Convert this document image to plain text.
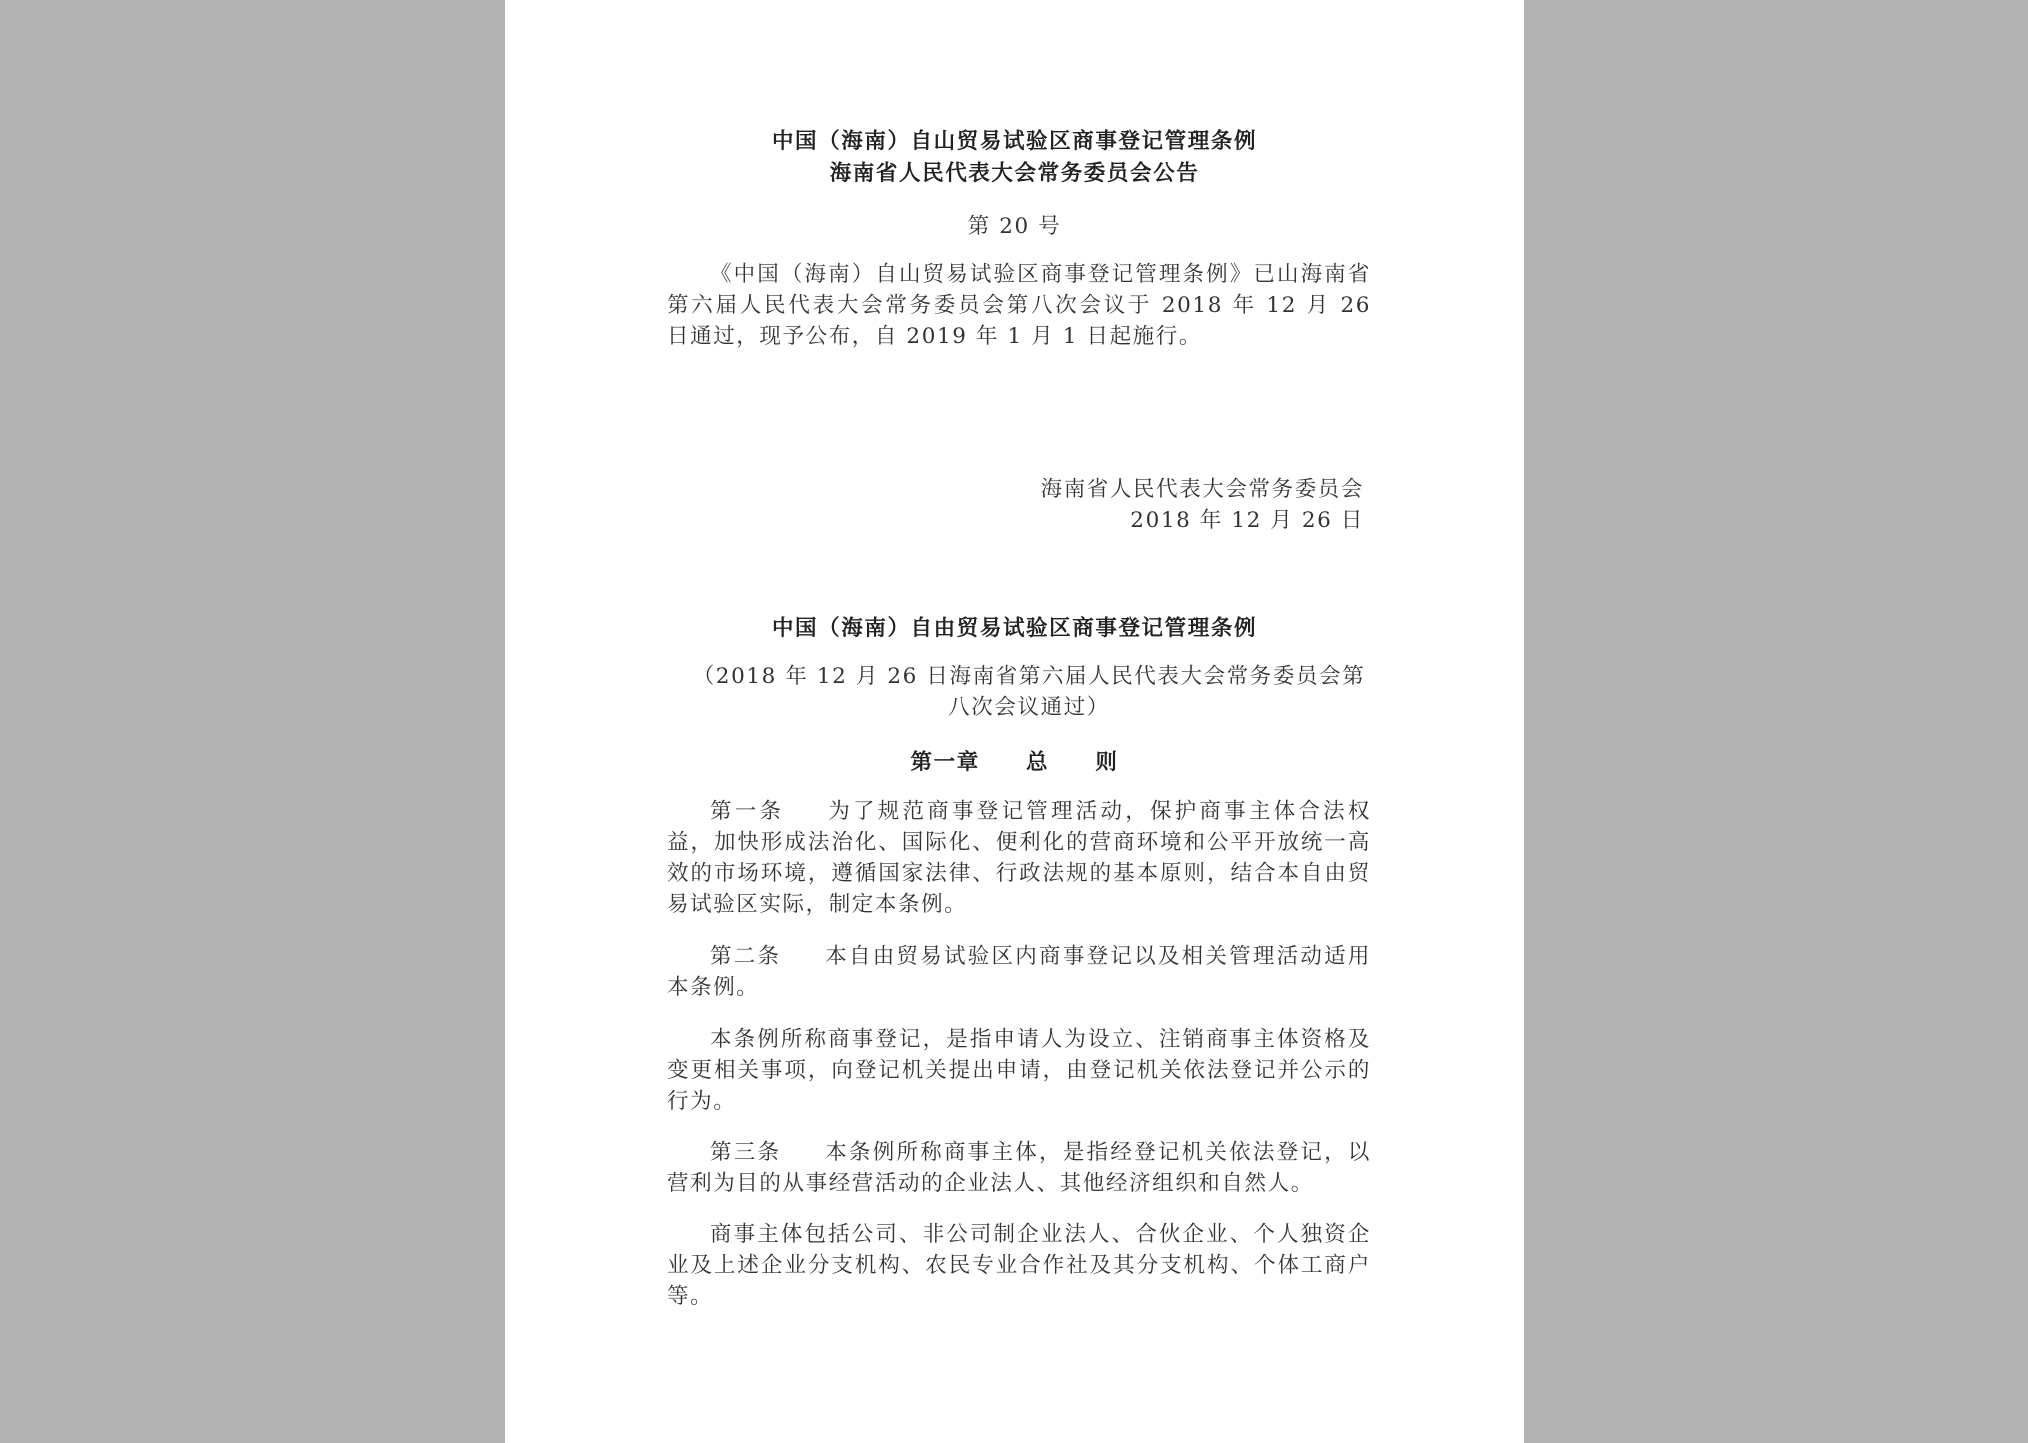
中国（海南）自山贸易试验区商事登记管理条例
海南省人民代表大会常务委员会公告
第 20 号
《中国（海南）自山贸易试验区商事登记管理条例》已山海南省第六届人民代表大会常务委员会第八次会议于 2018 年 12 月 26 日通过，现予公布，自 2019 年 1 月 1 日起施行。
海南省人民代表大会常务委员会
2018 年 12 月 26 日
中国（海南）自由贸易试验区商事登记管理条例
（2018 年 12 月 26 日海南省第六届人民代表大会常务委员会第八次会议通过）
第一章　　总　　则
第一条 为了规范商事登记管理活动，保护商事主体合法权益，加快形成法治化、国际化、便利化的营商环境和公平开放统一高效的市场环境，遵循国家法律、行政法规的基本原则，结合本自由贸易试验区实际，制定本条例。
第二条 本自由贸易试验区内商事登记以及相关管理活动适用本条例。
本条例所称商事登记，是指申请人为设立、注销商事主体资格及变更相关事项，向登记机关提出申请，由登记机关依法登记并公示的行为。
第三条 本条例所称商事主体，是指经登记机关依法登记，以营利为目的从事经营活动的企业法人、其他经济组织和自然人。
商事主体包括公司、非公司制企业法人、合伙企业、个人独资企业及上述企业分支机构、农民专业合作社及其分支机构、个体工商户等。
